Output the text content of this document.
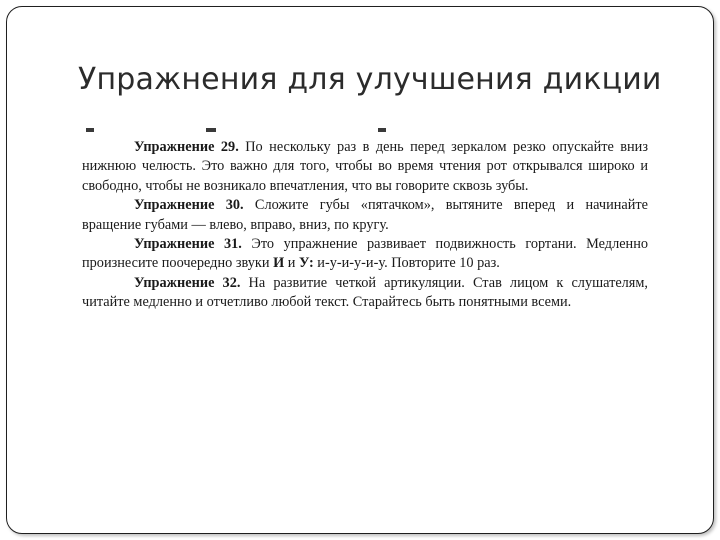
Упражнения для улучшения дикции

Упражнение 29. По нескольку раз в день перед зеркалом резко опускайте вниз нижнюю челюсть. Это важно для того, чтобы во время чтения рот открывался широко и свободно, чтобы не возникало впечатления, что вы говорите сквозь зубы.

Упражнение 30. Сложите губы «пятачком», вытяните вперед и начинайте вращение губами — влево, вправо, вниз, по кругу.

Упражнение 31. Это упражнение развивает подвижность гортани. Медленно произнесите поочередно звуки И и У: и-у-и-у-и-у. Повторите 10 раз.

Упражнение 32. На развитие четкой артикуляции. Став лицом к слушателям, читайте медленно и отчетливо любой текст. Старайтесь быть понятными всеми.
